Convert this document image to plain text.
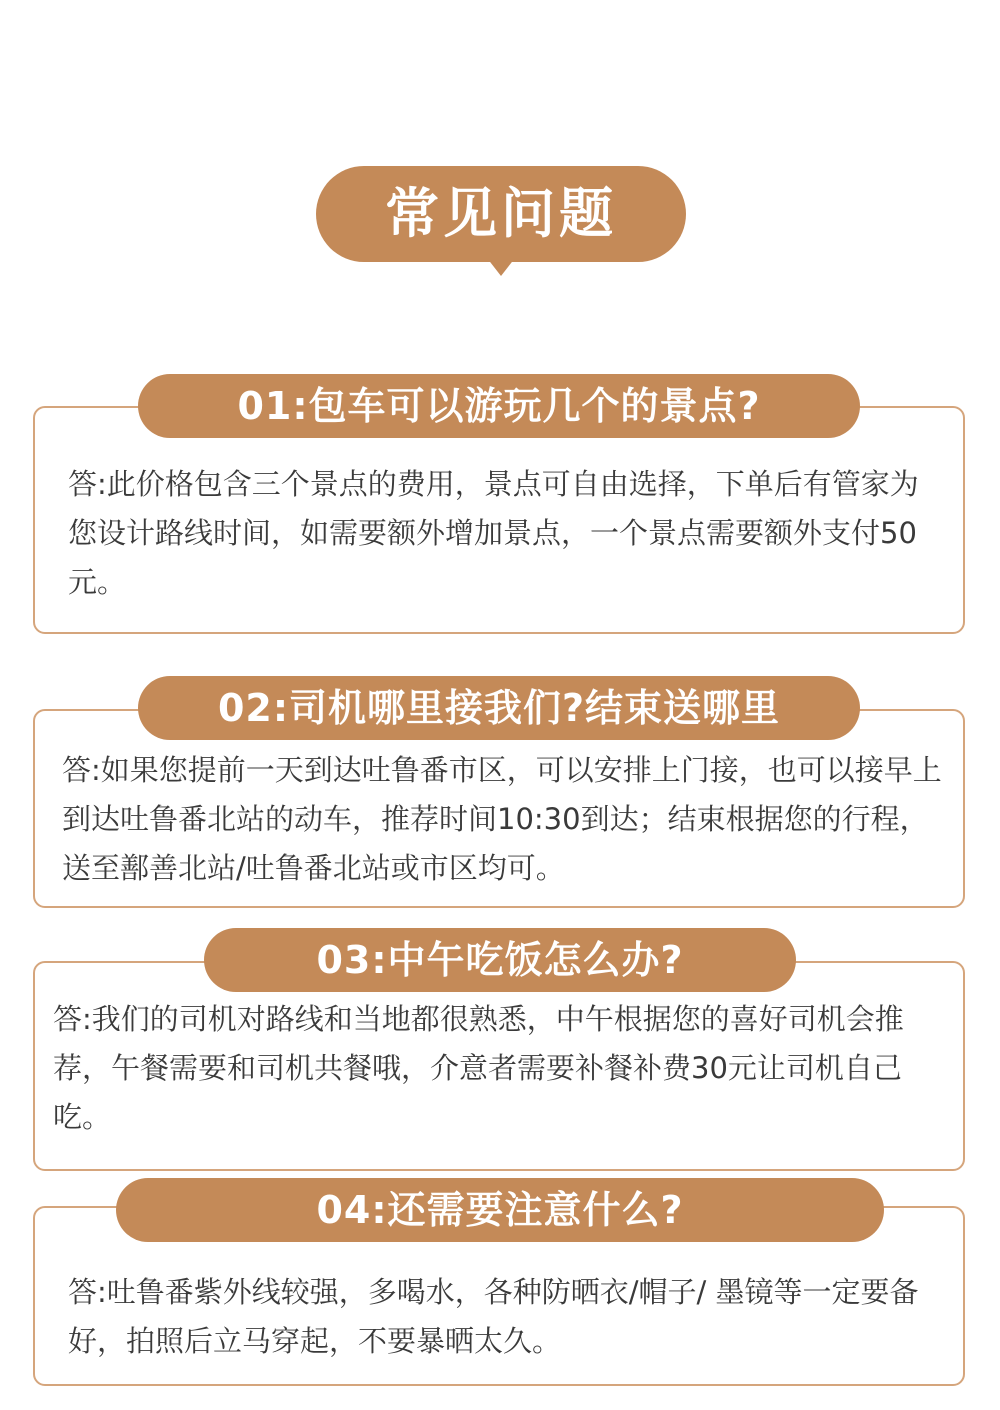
常见问题
01:包车可以游玩几个的景点?

答:此价格包含三个景点的费用，景点可自由选择，下单后有管家为您设计路线时间，如需要额外增加景点，一个景点需要额外支付50元。

02:司机哪里接我们?结束送哪里

答:如果您提前一天到达吐鲁番市区，可以安排上门接，也可以接早上到达吐鲁番北站的动车，推荐时间10:30到达；结束根据您的行程，送至鄯善北站/吐鲁番北站或市区均可。

03:中午吃饭怎么办?

答:我们的司机对路线和当地都很熟悉，中午根据您的喜好司机会推荐，午餐需要和司机共餐哦，介意者需要补餐补费30元让司机自己吃。

04:还需要注意什么?

答:吐鲁番紫外线较强，多喝水，各种防晒衣/帽子/ 墨镜等一定要备好，拍照后立马穿起，不要暴晒太久。
